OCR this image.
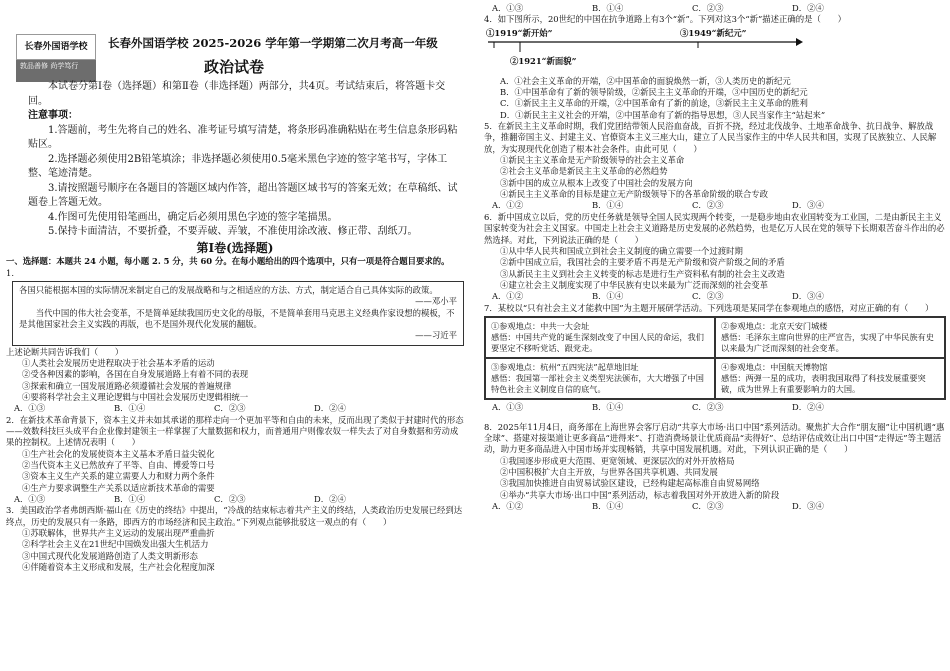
长春外国语学校
敦品善修 尚学笃行
长春外国语学校 2025-2026 学年第一学期第二次月考高一年级
政治试卷

本试卷分第Ⅰ卷（选择题）和第Ⅱ卷（非选择题）两部分，共4页。考试结束后，将答题卡交回。

注意事项：

1.答题前，考生先将自己的姓名、准考证号填写清楚，将条形码准确粘贴在考生信息条形码粘贴区。

2.选择题必须使用2B铅笔填涂；非选择题必须使用0.5毫米黑色字迹的签字笔书写，字体工整、笔迹清楚。

3.请按照题号顺序在各题目的答题区域内作答，超出答题区域书写的答案无效；在草稿纸、试题卷上答题无效。

4.作图可先使用铅笔画出，确定后必须用黑色字迹的签字笔描黑。

5.保持卡面清洁，不要折叠，不要弄破、弄皱，不准使用涂改液、修正带、刮纸刀。

第Ⅰ卷(选择题)

一、选择题：本题共 24 小题，每小题 2. 5 分，共 60 分。在每小题给出的四个选项中，只有一项是符合题目要求的。

1.

各国只能根据本国的实际情况来制定自己的发展战略和与之相适应的方法、方式，制定适合自己具体实际的政策。

——邓小平

当代中国的伟大社会变革，不是简单延续我国历史文化的母版，不是简单套用马克思主义经典作家设想的模板，不是其他国家社会主义实践的再版，也不是国外现代化发展的翻版。

——习近平

上述论断共同告诉我们（　　）

①人类社会发展历史进程取决于社会基本矛盾的运动

②受各种因素的影响，各国在自身发展道路上有着不同的表现

③探索和确立一国发展道路必须遵循社会发展的普遍规律

④要将科学社会主义理论逻辑与中国社会发展历史逻辑相统一

A．①③	B．①④	C．②③	D．②④

2．在新技术革命背景下，资本主义并未如其承诺的那样走向一个更加平等和自由的未来，反而出现了类似于封建时代的形态——效数科技巨头成平台企业像封建领主一样掌握了大量数据和权力，而普通用户则像农奴一样失去了对自身数据和劳动成果的控制权。上述情况表明（　　）

①生产社会化的发展使资本主义基本矛盾日益尖锐化

②当代资本主义已然放弃了平等、自由、博爱等口号

③资本主义生产关系的建立需要人力和财力两个条件

④生产力要求调整生产关系以适应新技术革命的需要

A．①③	B．①④	C．②③	D．②④

3．美国政治学者弗朗西斯·福山在《历史的终结》中提出，“冷战的结束标志着共产主义的终结，人类政治历史发展已经到达终点，历史的发展只有一条路，即西方的市场经济和民主政治。”下列观点能够批驳这一观点的有（　　）

①苏联解体，世界共产主义运动的发展出现严重曲折

②科学社会主义在21世纪中国焕发出强大生机活力

③中国式现代化发展道路创造了人类文明新形态

④伴随着资本主义形成和发展，生产社会化程度加深

A．①③	B．①④	C．②③	D．②④

4．如下图所示，20世纪的中国在抗争道路上有3个“新”。下列对这3个“新”描述正确的是（　　）

①1919“新开始”
②1921“新面貌”
③1949“新纪元”

A．①社会主义革命的开端，②中国革命的面貌焕然一新，③人类历史的新纪元

B．①中国革命有了新的领导阶级，②新民主主义革命的开端，③中国历史的新纪元

C．①新民主主义革命的开端，②中国革命有了新的前途，③新民主主义革命的胜利

D．①新民主主义社会的开端，②中国革命有了新的指导思想，③人民当家作主“站起来”

5．在新民主主义革命时期，我们党团结带领人民浴血奋战，百折不挠，经过北伐战争、土地革命战争、抗日战争、解放战争，推翻帝国主义、封建主义、官僚资本主义三座大山，建立了人民当家作主的中华人民共和国，实现了民族独立、人民解放，为实现现代化创造了根本社会条件。由此可见（　　）

①新民主主义革命是无产阶级领导的社会主义革命

②社会主义革命是新民主主义革命的必然趋势

③新中国的成立从根本上改变了中国社会的发展方向

④新民主主义革命的目标是建立无产阶级领导下的各革命阶级的联合专政

A．①②	B．①④	C．②③	D．③④

6．新中国成立以后，党的历史任务就是领导全国人民实现两个转变，一是稳步地由农业国转变为工业国，二是由新民主主义国家转变为社会主义国家。中国走上社会主义道路是历史发展的必然趋势，也是亿万人民在党的领导下长期艰苦奋斗作出的必然选择。对此，下列说法正确的是（　　）

①从中华人民共和国成立到社会主义制度的确立需要一个过渡时期

②新中国成立后，我国社会的主要矛盾不再是无产阶级和资产阶级之间的矛盾

③从新民主主义到社会主义转变的标志是进行生产资料私有制的社会主义改造

④建立社会主义制度实现了中华民族有史以来最为广泛而深刻的社会变革

A．①②	B．①④	C．②③	D．③④

7．某校以“只有社会主义才能救中国”为主题开展研学活动。下列选项是某同学在参观地点的感悟，对应正确的有（　　）

①参观地点：中共一大会址
感悟：中国共产党的诞生深刻改变了中国人民的命运，我们要坚定不移听党话、跟党走。
②参观地点：北京天安门城楼
感悟：毛泽东主席向世界的庄严宣告，实现了中华民族有史以来最为广泛而深刻的社会变革。
③参观地点：杭州“五四宪法”起草地旧址
感悟：我国第一部社会主义类型宪法颁布，大大增强了中国特色社会主义制度自信的底气。
④参观地点：中国航天博物馆
感悟：两弹一星的成功，表明我国取得了科技发展重要突破，成为世界上有重要影响力的大国。
A．①③	B．①④	C．②③	D．②④

8．2025年11月4日，商务部在上海世界会客厅启动“共享大市场·出口中国”系列活动。聚焦扩大合作“朋友圈”让中国机遇“惠全球”、搭建对接渠道让更多商品“进得来”、打造消费场景让优质商品“卖得好”、总结评估成效让出口中国“走得远”等主题活动，助力更多商品进入中国市场并实现畅销，共享中国发展机遇。对此，下列认识正确的是（　　）

①我国逐步形成更大范围、更宽领域、更深层次的对外开放格局

②中国积极扩大自主开放，与世界各国共享机遇、共同发展

③我国加快推进自由贸易试验区建设，已经构建起高标准自由贸易网络

④举办“共享大市场·出口中国”系列活动，标志着我国对外开放进入新的阶段

A．①②	B．①④	C．②③	D．③④
